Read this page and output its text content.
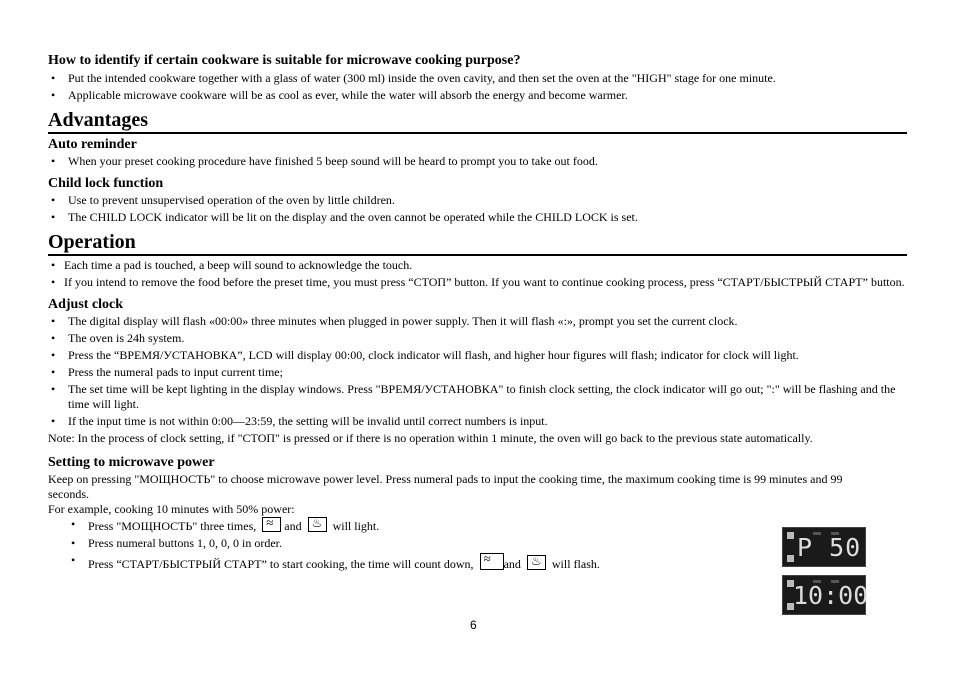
How to identify if certain cookware is suitable for microwave cooking purpose?
• Put the intended cookware together with a glass of water (300 ml) inside the oven cavity, and then set the oven at the "HIGH" stage for one minute.
• Applicable microwave cookware will be as cool as ever, while the water will absorb the energy and become warmer.
Advantages
Auto reminder
• When your preset cooking procedure have finished 5 beep sound will be heard to prompt you to take out food.
Child lock function
• Use to prevent unsupervised operation of the oven by little children.
• The CHILD LOCK indicator will be lit on the display and the oven cannot be operated while the CHILD LOCK is set.
Operation
• Each time a pad is touched, a beep will sound to acknowledge the touch.
• If you intend to remove the food before the preset time, you must press “СТОП” button. If you want to continue cooking process, press “СТАРТ/БЫСТРЫЙ СТАРТ” button.
Adjust clock
• The digital display will flash «00:00» three minutes when plugged in power supply. Then it will flash «:», prompt you set the current clock.
• The oven is 24h system.
• Press the “ВРЕМЯ/УСТАНОВКА”, LCD will display 00:00, clock indicator will flash, and higher hour figures will flash; indicator for clock will light.
• Press the numeral pads to input current time;
• The set time will be kept lighting in the display windows. Press "ВРЕМЯ/УСТАНОВКА" to finish clock setting, the clock indicator will go out; ":" will be flashing and the time will light.
• If the input time is not within 0:00—23:59, the setting will be invalid until correct numbers is input.

Note: In the process of clock setting, if "СТОП" is pressed or if there is no operation within 1 minute, the oven will go back to the previous state automatically.

Setting to microwave power

Keep on pressing "МОЩНОСТЬ" to choose microwave power level. Press numeral pads to input the cooking time, the maximum cooking time is 99 minutes and 99 seconds.

For example, cooking 10 minutes with 50% power:

• Press "МОЩНОСТЬ" three times, ≈ and ♨	will light.
• Press numeral buttons 1, 0, 0, 0 in order.
• Press “СТАРТ/БЫСТРЫЙ СТАРТ” to start cooking, the time will count down, ≈	and ♨	will flash.
P 50
10:00
6
